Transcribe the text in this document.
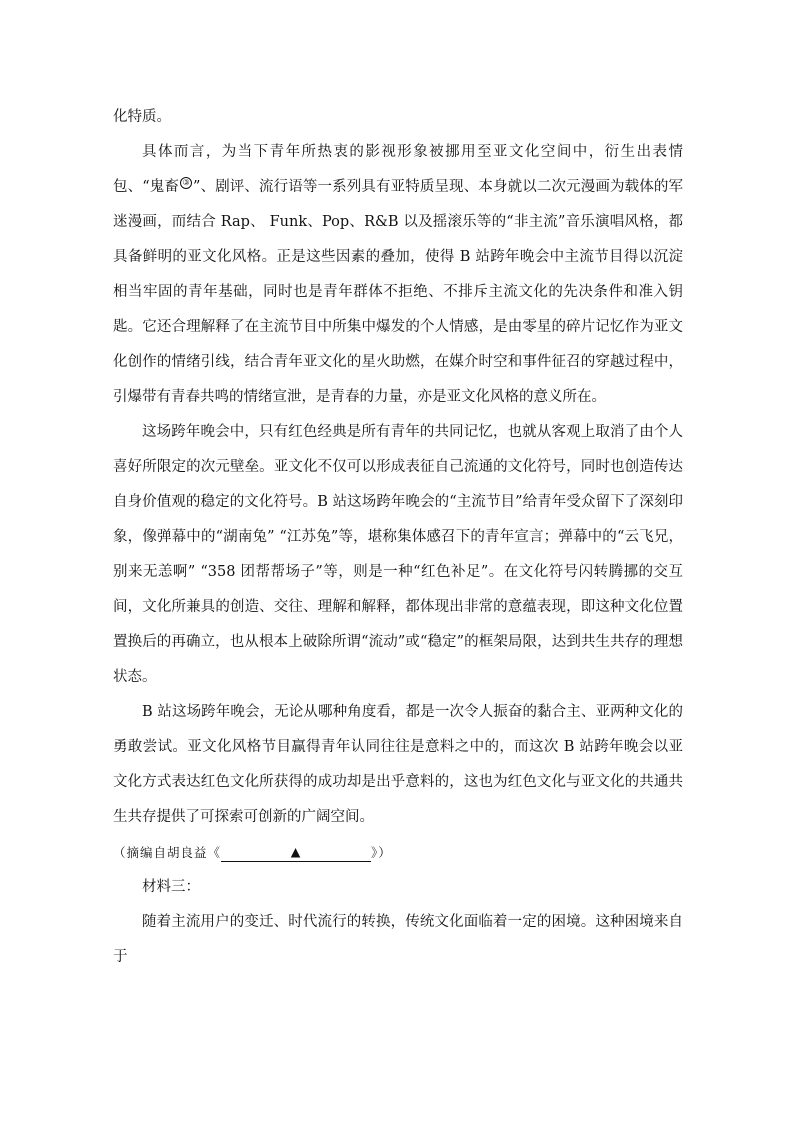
化特质。

具体而言，为当下青年所热衷的影视形象被挪用至亚文化空间中，衍生出表情包、“鬼畜 ③ ”、剧评、流行语等一系列具有亚特质呈现、本身就以二次元漫画为载体的军迷漫画，而结合 Rap、 Funk、Pop、R&B 以及摇滚乐等的“非主流”音乐演唱风格，都具备鲜明的亚文化风格。正是这些因素的叠加，使得 B 站跨年晚会中主流节目得以沉淀相当牢固的青年基础，同时也是青年群体不拒绝、不排斥主流文化的先决条件和准入钥匙。它还合理解释了在主流节目中所集中爆发的个人情感，是由零星的碎片记忆作为亚文化创作的情绪引线，结合青年亚文化的星火助燃，在媒介时空和事件征召的穿越过程中，引爆带有青春共鸣的情绪宣泄，是青春的力量，亦是亚文化风格的意义所在。

这场跨年晚会中，只有红色经典是所有青年的共同记忆，也就从客观上取消了由个人喜好所限定的次元壁垒。亚文化不仅可以形成表征自己流通的文化符号，同时也创造传达自身价值观的稳定的文化符号。B 站这场跨年晚会的“主流节目”给青年受众留下了深刻印象，像弹幕中的“湖南兔” “江苏兔”等，堪称集体感召下的青年宣言；弹幕中的“云飞兄，别来无恙啊” “358 团帮帮场子”等，则是一种“红色补足”。在文化符号闪转腾挪的交互间，文化所兼具的创造、交往、理解和解释，都体现出非常的意蕴表现，即这种文化位置置换后的再确立，也从根本上破除所谓“流动”或“稳定”的框架局限，达到共生共存的理想状态。

B 站这场跨年晚会，无论从哪种角度看，都是一次令人振奋的黏合主、亚两种文化的勇敢尝试。亚文化风格节目赢得青年认同往往是意料之中的，而这次 B 站跨年晚会以亚文化方式表达红色文化所获得的成功却是出乎意料的，这也为红色文化与亚文化的共通共生共存提供了可探索可创新的广阔空间。

（摘编自胡良益《	▲	》）

材料三：

随着主流用户的变迁、时代流行的转换，传统文化面临着一定的困境。这种困境来自于
